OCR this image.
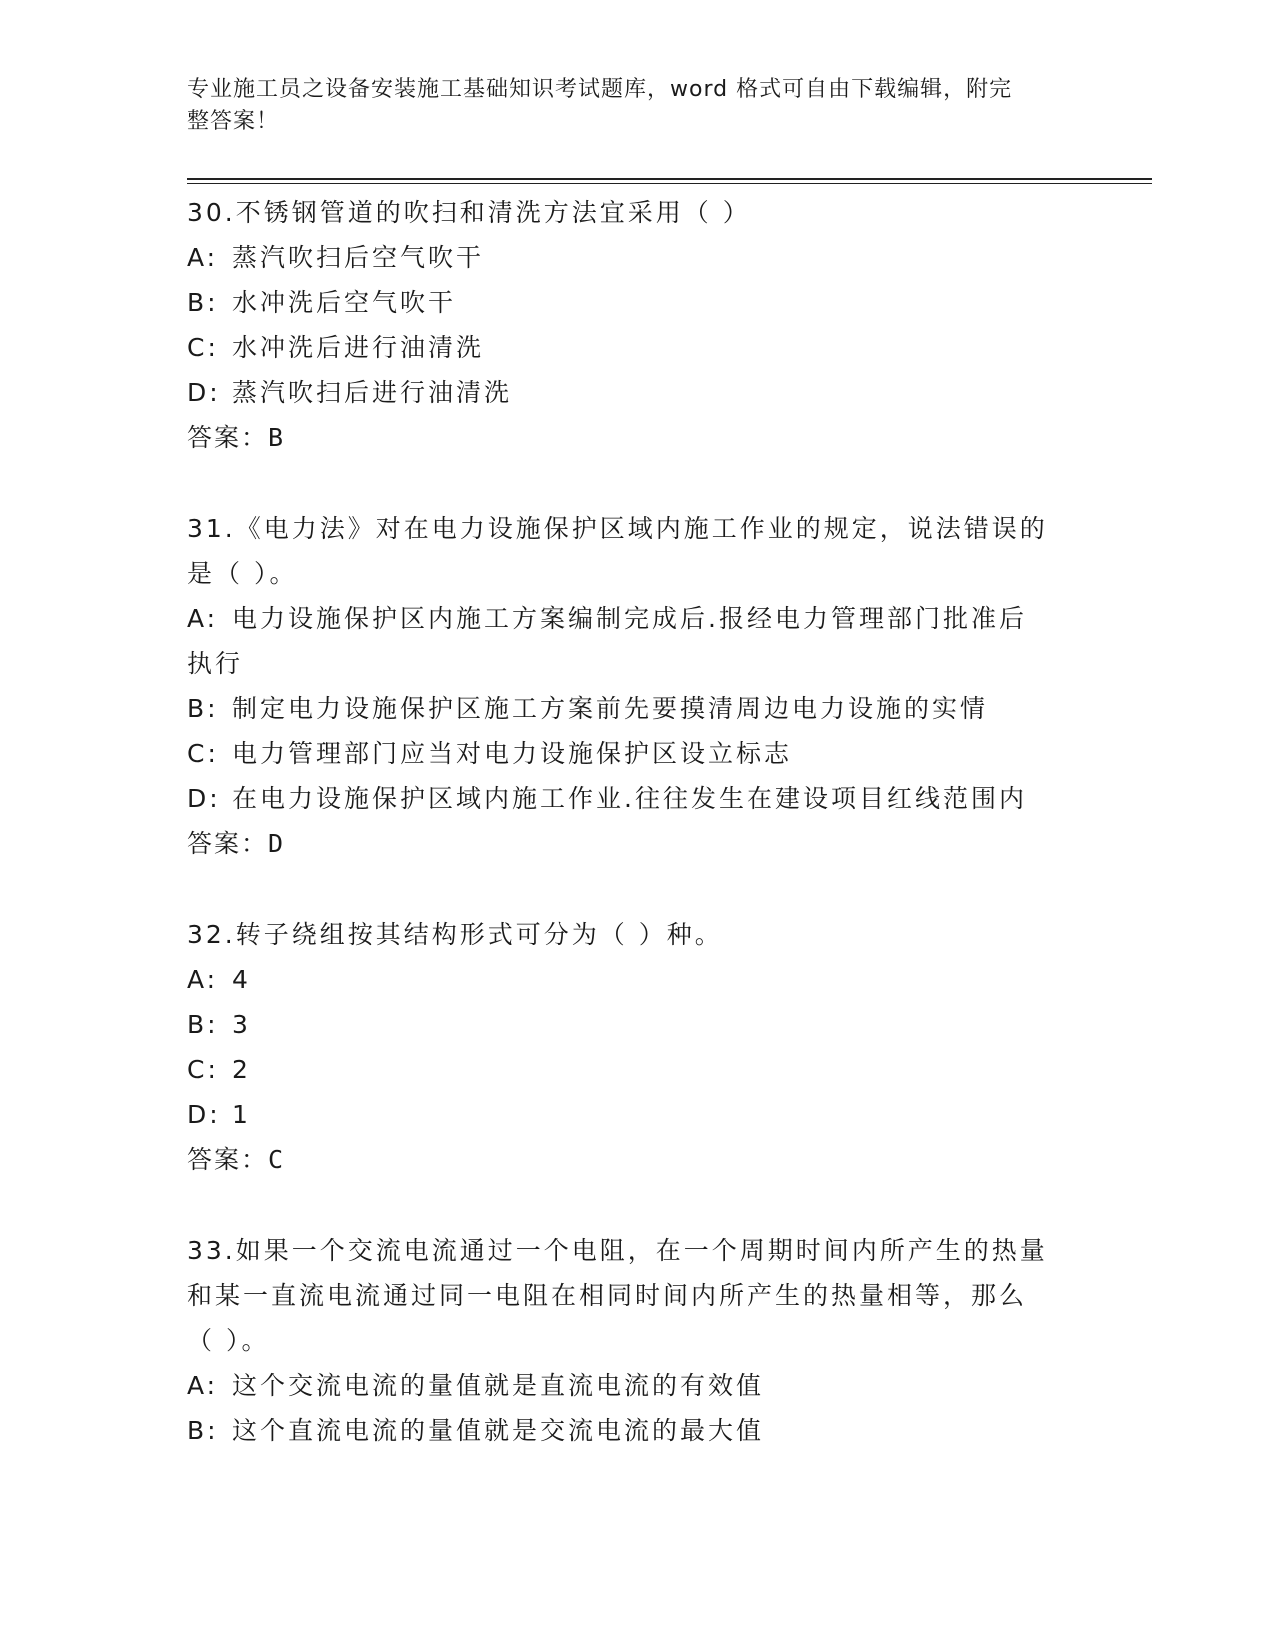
专业施工员之设备安装施工基础知识考试题库，word 格式可自由下载编辑，附完
整答案！

30.不锈钢管道的吹扫和清洗方法宜采用（ ）

A: 蒸汽吹扫后空气吹干

B: 水冲洗后空气吹干

C: 水冲洗后进行油清洗

D: 蒸汽吹扫后进行油清洗

答案：B

31.《电力法》对在电力设施保护区域内施工作业的规定，说法错误的

是（ ）。

A: 电力设施保护区内施工方案编制完成后.报经电力管理部门批准后

执行

B: 制定电力设施保护区施工方案前先要摸清周边电力设施的实情

C: 电力管理部门应当对电力设施保护区设立标志

D: 在电力设施保护区域内施工作业.往往发生在建设项目红线范围内

答案：D

32.转子绕组按其结构形式可分为（ ）种。

A: 4

B: 3

C: 2

D: 1

答案：C

33.如果一个交流电流通过一个电阻，在一个周期时间内所产生的热量

和某一直流电流通过同一电阻在相同时间内所产生的热量相等，那么

（ ）。

A: 这个交流电流的量值就是直流电流的有效值

B: 这个直流电流的量值就是交流电流的最大值
